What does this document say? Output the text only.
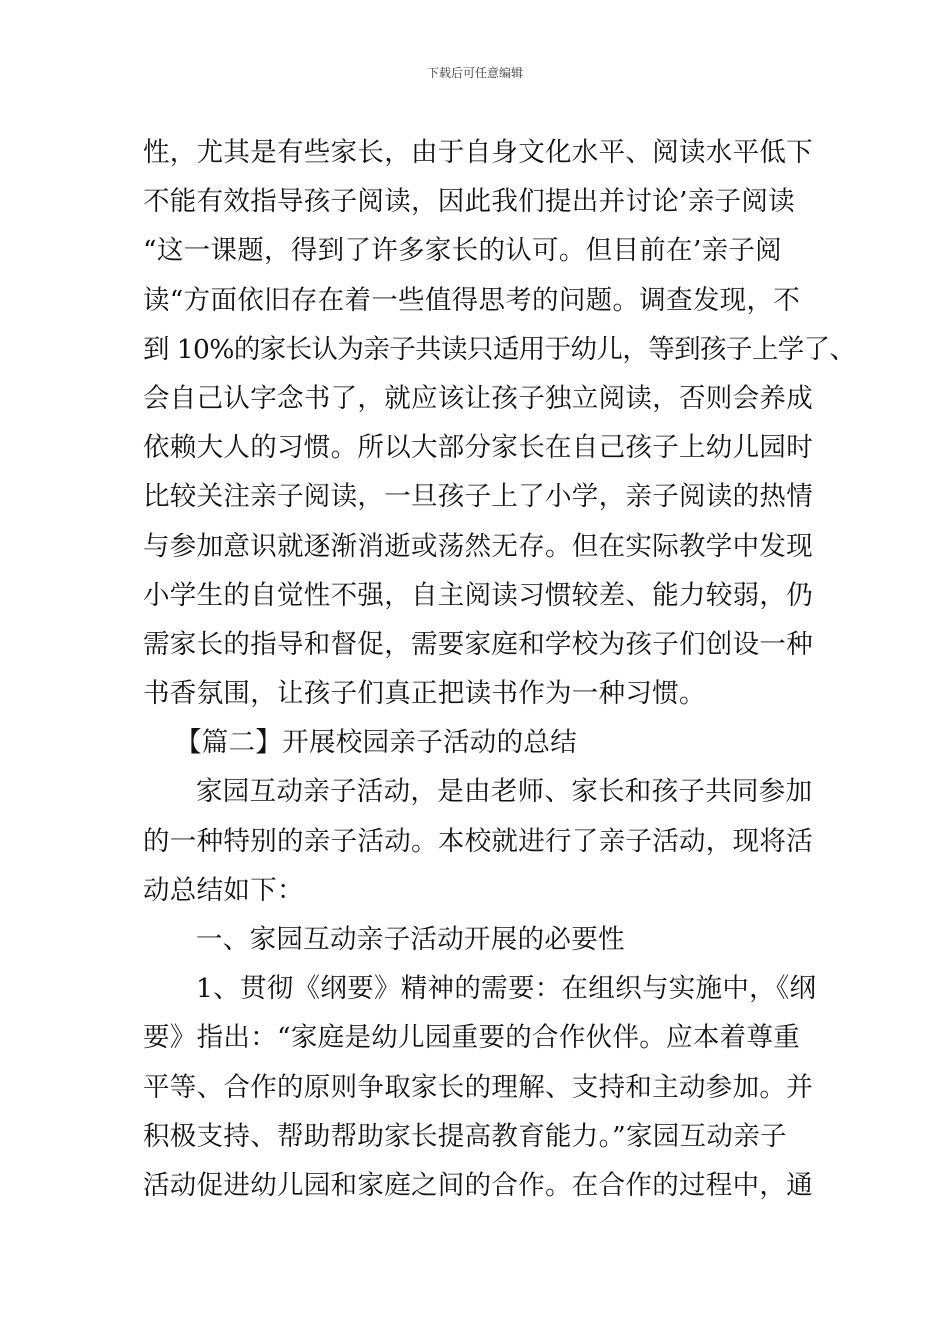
下载后可任意编辑
性，尤其是有些家长，由于自身文化水平、阅读水平低下
不能有效指导孩子阅读，因此我们提出并讨论’亲子阅读
“这一课题，得到了许多家长的认可。但目前在’亲子阅
读“方面依旧存在着一些值得思考的问题。调查发现，不
到 10%的家长认为亲子共读只适用于幼儿，等到孩子上学了、
会自己认字念书了，就应该让孩子独立阅读，否则会养成
依赖大人的习惯。所以大部分家长在自己孩子上幼儿园时
比较关注亲子阅读，一旦孩子上了小学，亲子阅读的热情
与参加意识就逐渐消逝或荡然无存。但在实际教学中发现
小学生的自觉性不强，自主阅读习惯较差、能力较弱，仍
需家长的指导和督促，需要家庭和学校为孩子们创设一种
书香氛围，让孩子们真正把读书作为一种习惯。
【篇二】开展校园亲子活动的总结
家园互动亲子活动，是由老师、家长和孩子共同参加
的一种特别的亲子活动。本校就进行了亲子活动，现将活
动总结如下：
一、家园互动亲子活动开展的必要性
1、贯彻《纲要》精神的需要：在组织与实施中，《纲
要》指出：“家庭是幼儿园重要的合作伙伴。应本着尊重
平等、合作的原则争取家长的理解、支持和主动参加。并
积极支持、帮助帮助家长提高教育能力。”家园互动亲子
活动促进幼儿园和家庭之间的合作。在合作的过程中，通
